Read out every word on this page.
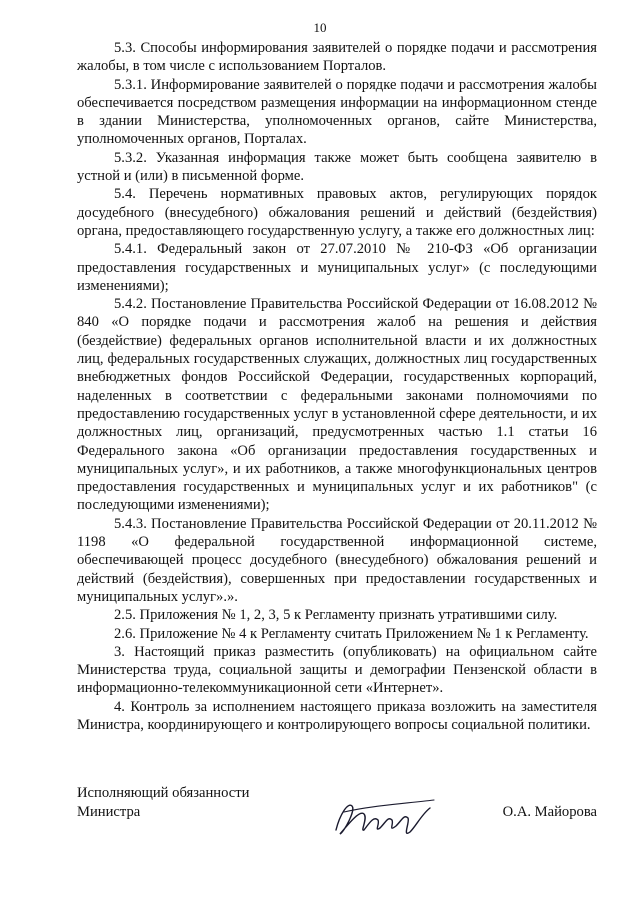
10

5.3. Способы информирования заявителей о порядке подачи и рассмотрения жалобы, в том числе с использованием Порталов.

5.3.1. Информирование заявителей о порядке подачи и рассмотрения жалобы обеспечивается посредством размещения информации на информационном стенде в здании Министерства, уполномоченных органов, сайте Министерства, уполномоченных органов, Порталах.

5.3.2. Указанная информация также может быть сообщена заявителю в устной и (или) в письменной форме.

5.4. Перечень нормативных правовых актов, регулирующих порядок досудебного (внесудебного) обжалования решений и действий (бездействия) органа, предоставляющего государственную услугу, а также его должностных лиц:

5.4.1. Федеральный закон от 27.07.2010 № 210-ФЗ «Об организации предоставления государственных и муниципальных услуг» (с последующими изменениями);

5.4.2. Постановление Правительства Российской Федерации от 16.08.2012 № 840 «О порядке подачи и рассмотрения жалоб на решения и действия (бездействие) федеральных органов исполнительной власти и их должностных лиц, федеральных государственных служащих, должностных лиц государственных внебюджетных фондов Российской Федерации, государственных корпораций, наделенных в соответствии с федеральными законами полномочиями по предоставлению государственных услуг в установленной сфере деятельности, и их должностных лиц, организаций, предусмотренных частью 1.1 статьи 16 Федерального закона «Об организации предоставления государственных и муниципальных услуг», и их работников, а также многофункциональных центров предоставления государственных и муниципальных услуг и их работников" (с последующими изменениями);

5.4.3. Постановление Правительства Российской Федерации от 20.11.2012 № 1198 «О федеральной государственной информационной системе, обеспечивающей процесс досудебного (внесудебного) обжалования решений и действий (бездействия), совершенных при предоставлении государственных и муниципальных услуг».».

2.5. Приложения № 1, 2, 3, 5 к Регламенту признать утратившими силу.

2.6. Приложение № 4 к Регламенту считать Приложением № 1 к Регламенту.

3. Настоящий приказ разместить (опубликовать) на официальном сайте Министерства труда, социальной защиты и демографии Пензенской области в информационно-телекоммуникационной сети «Интернет».

4. Контроль за исполнением настоящего приказа возложить на заместителя Министра, координирующего и контролирующего вопросы социальной политики.

Исполняющий обязанности
Министра	О.А. Майорова
